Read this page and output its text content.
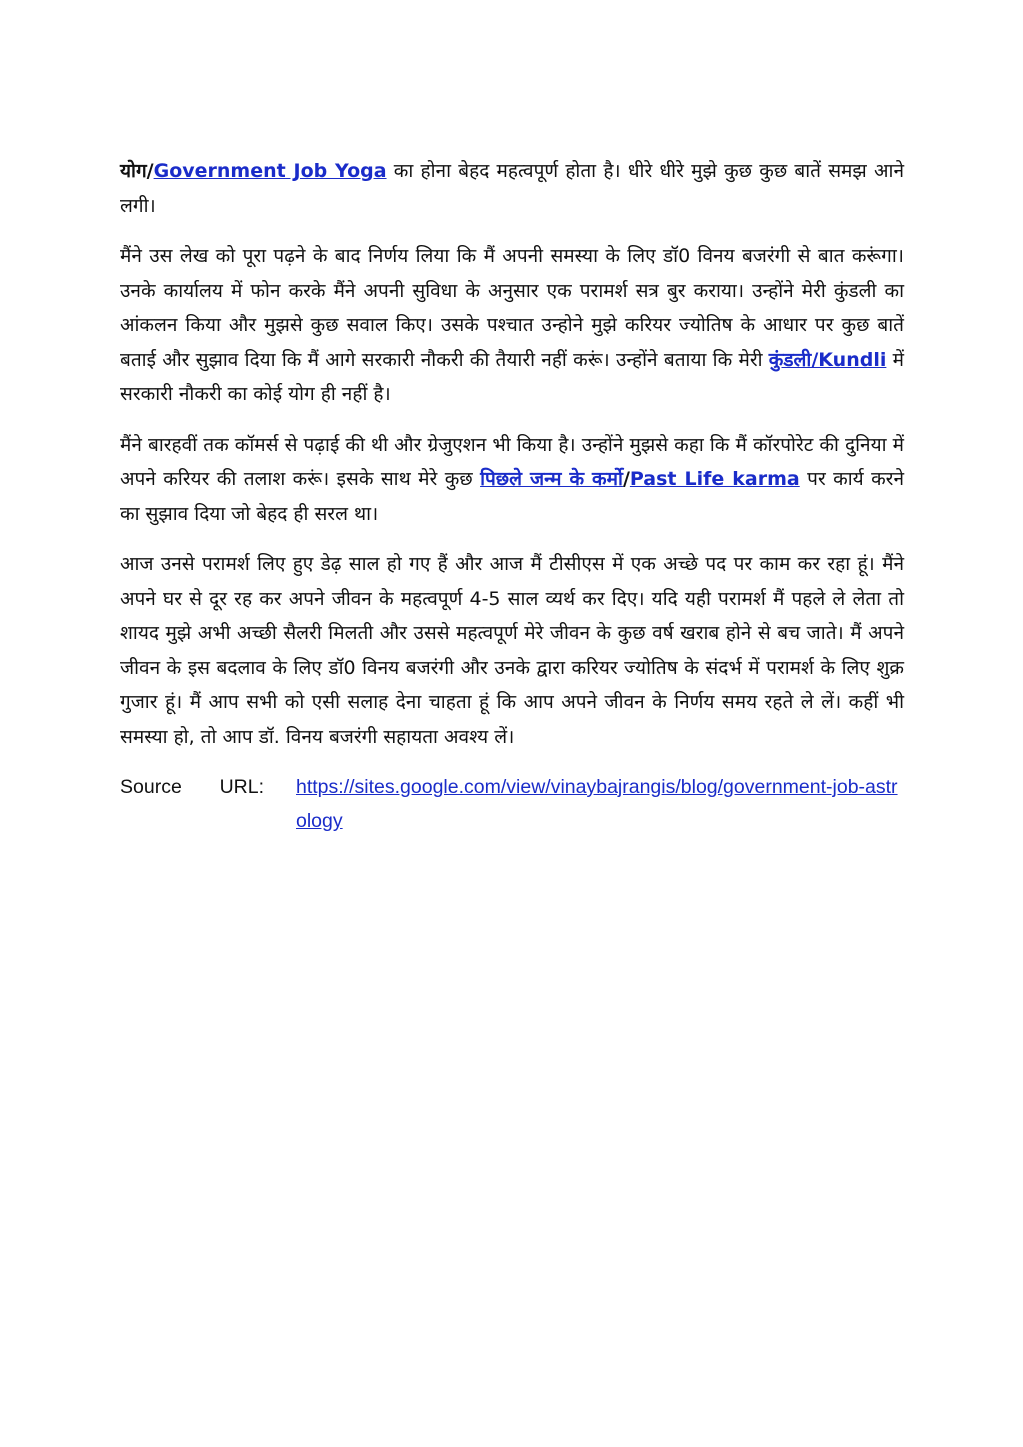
योग/Government Job Yoga का होना बेहद महत्वपूर्ण होता है। धीरे धीरे मुझे कुछ कुछ बातें समझ आने लगी।

मैंने उस लेख को पूरा पढ़ने के बाद निर्णय लिया कि मैं अपनी समस्या के लिए डॉ0 विनय बजरंगी से बात करूंगा। उनके कार्यालय में फोन करके मैंने अपनी सुविधा के अनुसार एक परामर्श सत्र बुर कराया। उन्होंने मेरी कुंडली का आंकलन किया और मुझसे कुछ सवाल किए। उसके पश्चात उन्होने मुझे करियर ज्योतिष के आधार पर कुछ बातें बताई और सुझाव दिया कि मैं आगे सरकारी नौकरी की तैयारी नहीं करूं। उन्होंने बताया कि मेरी कुंडली/Kundli में सरकारी नौकरी का कोई योग ही नहीं है।

मैंने बारहवीं तक कॉमर्स से पढ़ाई की थी और ग्रेजुएशन भी किया है। उन्होंने मुझसे कहा कि मैं कॉरपोरेट की दुनिया में अपने करियर की तलाश करूं। इसके साथ मेरे कुछ पिछले जन्म के कर्मो/Past Life karma पर कार्य करने का सुझाव दिया जो बेहद ही सरल था।

आज उनसे परामर्श लिए हुए डेढ़ साल हो गए हैं और आज मैं टीसीएस में एक अच्छे पद पर काम कर रहा हूं। मैंने अपने घर से दूर रह कर अपने जीवन के महत्वपूर्ण 4-5 साल व्यर्थ कर दिए। यदि यही परामर्श मैं पहले ले लेता तो शायद मुझे अभी अच्छी सैलरी मिलती और उससे महत्वपूर्ण मेरे जीवन के कुछ वर्ष खराब होने से बच जाते। मैं अपने जीवन के इस बदलाव के लिए डॉ0 विनय बजरंगी और उनके द्वारा करियर ज्योतिष के संदर्भ में परामर्श के लिए शुक्र गुजार हूं। मैं आप सभी को एसी सलाह देना चाहता हूं कि आप अपने जीवन के निर्णय समय रहते ले लें। कहीं भी समस्या हो, तो आप डॉ. विनय बजरंगी सहायता अवश्य लें।

Source URL:	https://sites.google.com/view/vinaybajrangis/blog/government-job-astrology
